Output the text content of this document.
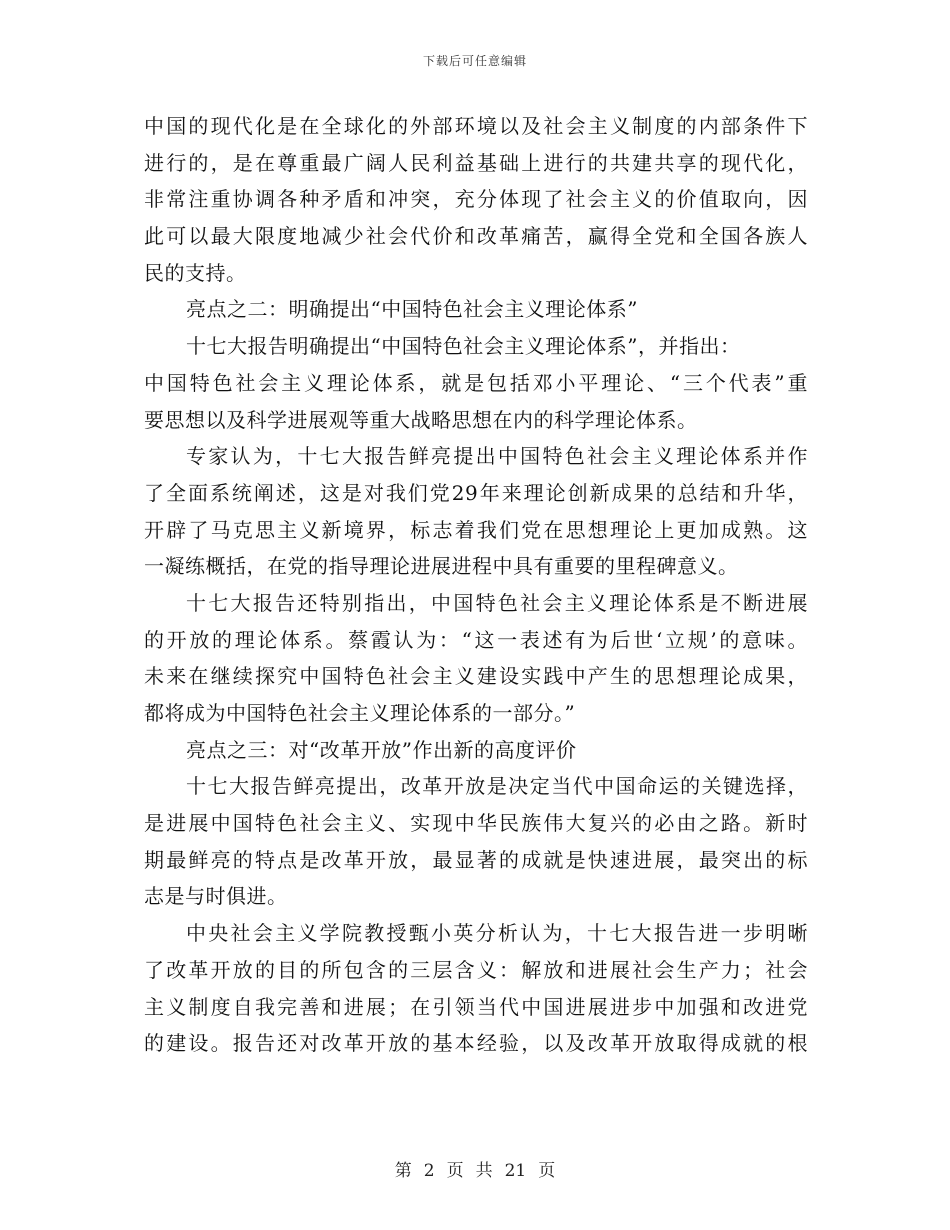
下载后可任意编辑
中国的现代化是在全球化的外部环境以及社会主义制度的内部条件下
进行的，是在尊重最广阔人民利益基础上进行的共建共享的现代化，
非常注重协调各种矛盾和冲突，充分体现了社会主义的价值取向，因
此可以最大限度地减少社会代价和改革痛苦，赢得全党和全国各族人
民的支持。
亮点之二：明确提出“中国特色社会主义理论体系”
十七大报告明确提出“中国特色社会主义理论体系”，并指出：
中国特色社会主义理论体系，就是包括邓小平理论、“三个代表”重
要思想以及科学进展观等重大战略思想在内的科学理论体系。
专家认为，十七大报告鲜亮提出中国特色社会主义理论体系并作
了全面系统阐述，这是对我们党29年来理论创新成果的总结和升华，
开辟了马克思主义新境界，标志着我们党在思想理论上更加成熟。这
一凝练概括，在党的指导理论进展进程中具有重要的里程碑意义。
十七大报告还特别指出，中国特色社会主义理论体系是不断进展
的开放的理论体系。蔡霞认为：“这一表述有为后世‘立规’的意味。
未来在继续探究中国特色社会主义建设实践中产生的思想理论成果，
都将成为中国特色社会主义理论体系的一部分。”
亮点之三：对“改革开放”作出新的高度评价
十七大报告鲜亮提出，改革开放是决定当代中国命运的关键选择，
是进展中国特色社会主义、实现中华民族伟大复兴的必由之路。新时
期最鲜亮的特点是改革开放，最显著的成就是快速进展，最突出的标
志是与时俱进。
中央社会主义学院教授甄小英分析认为，十七大报告进一步明晰
了改革开放的目的所包含的三层含义：解放和进展社会生产力；社会
主义制度自我完善和进展；在引领当代中国进展进步中加强和改进党
的建设。报告还对改革开放的基本经验，以及改革开放取得成就的根
第 2 页 共 21 页
